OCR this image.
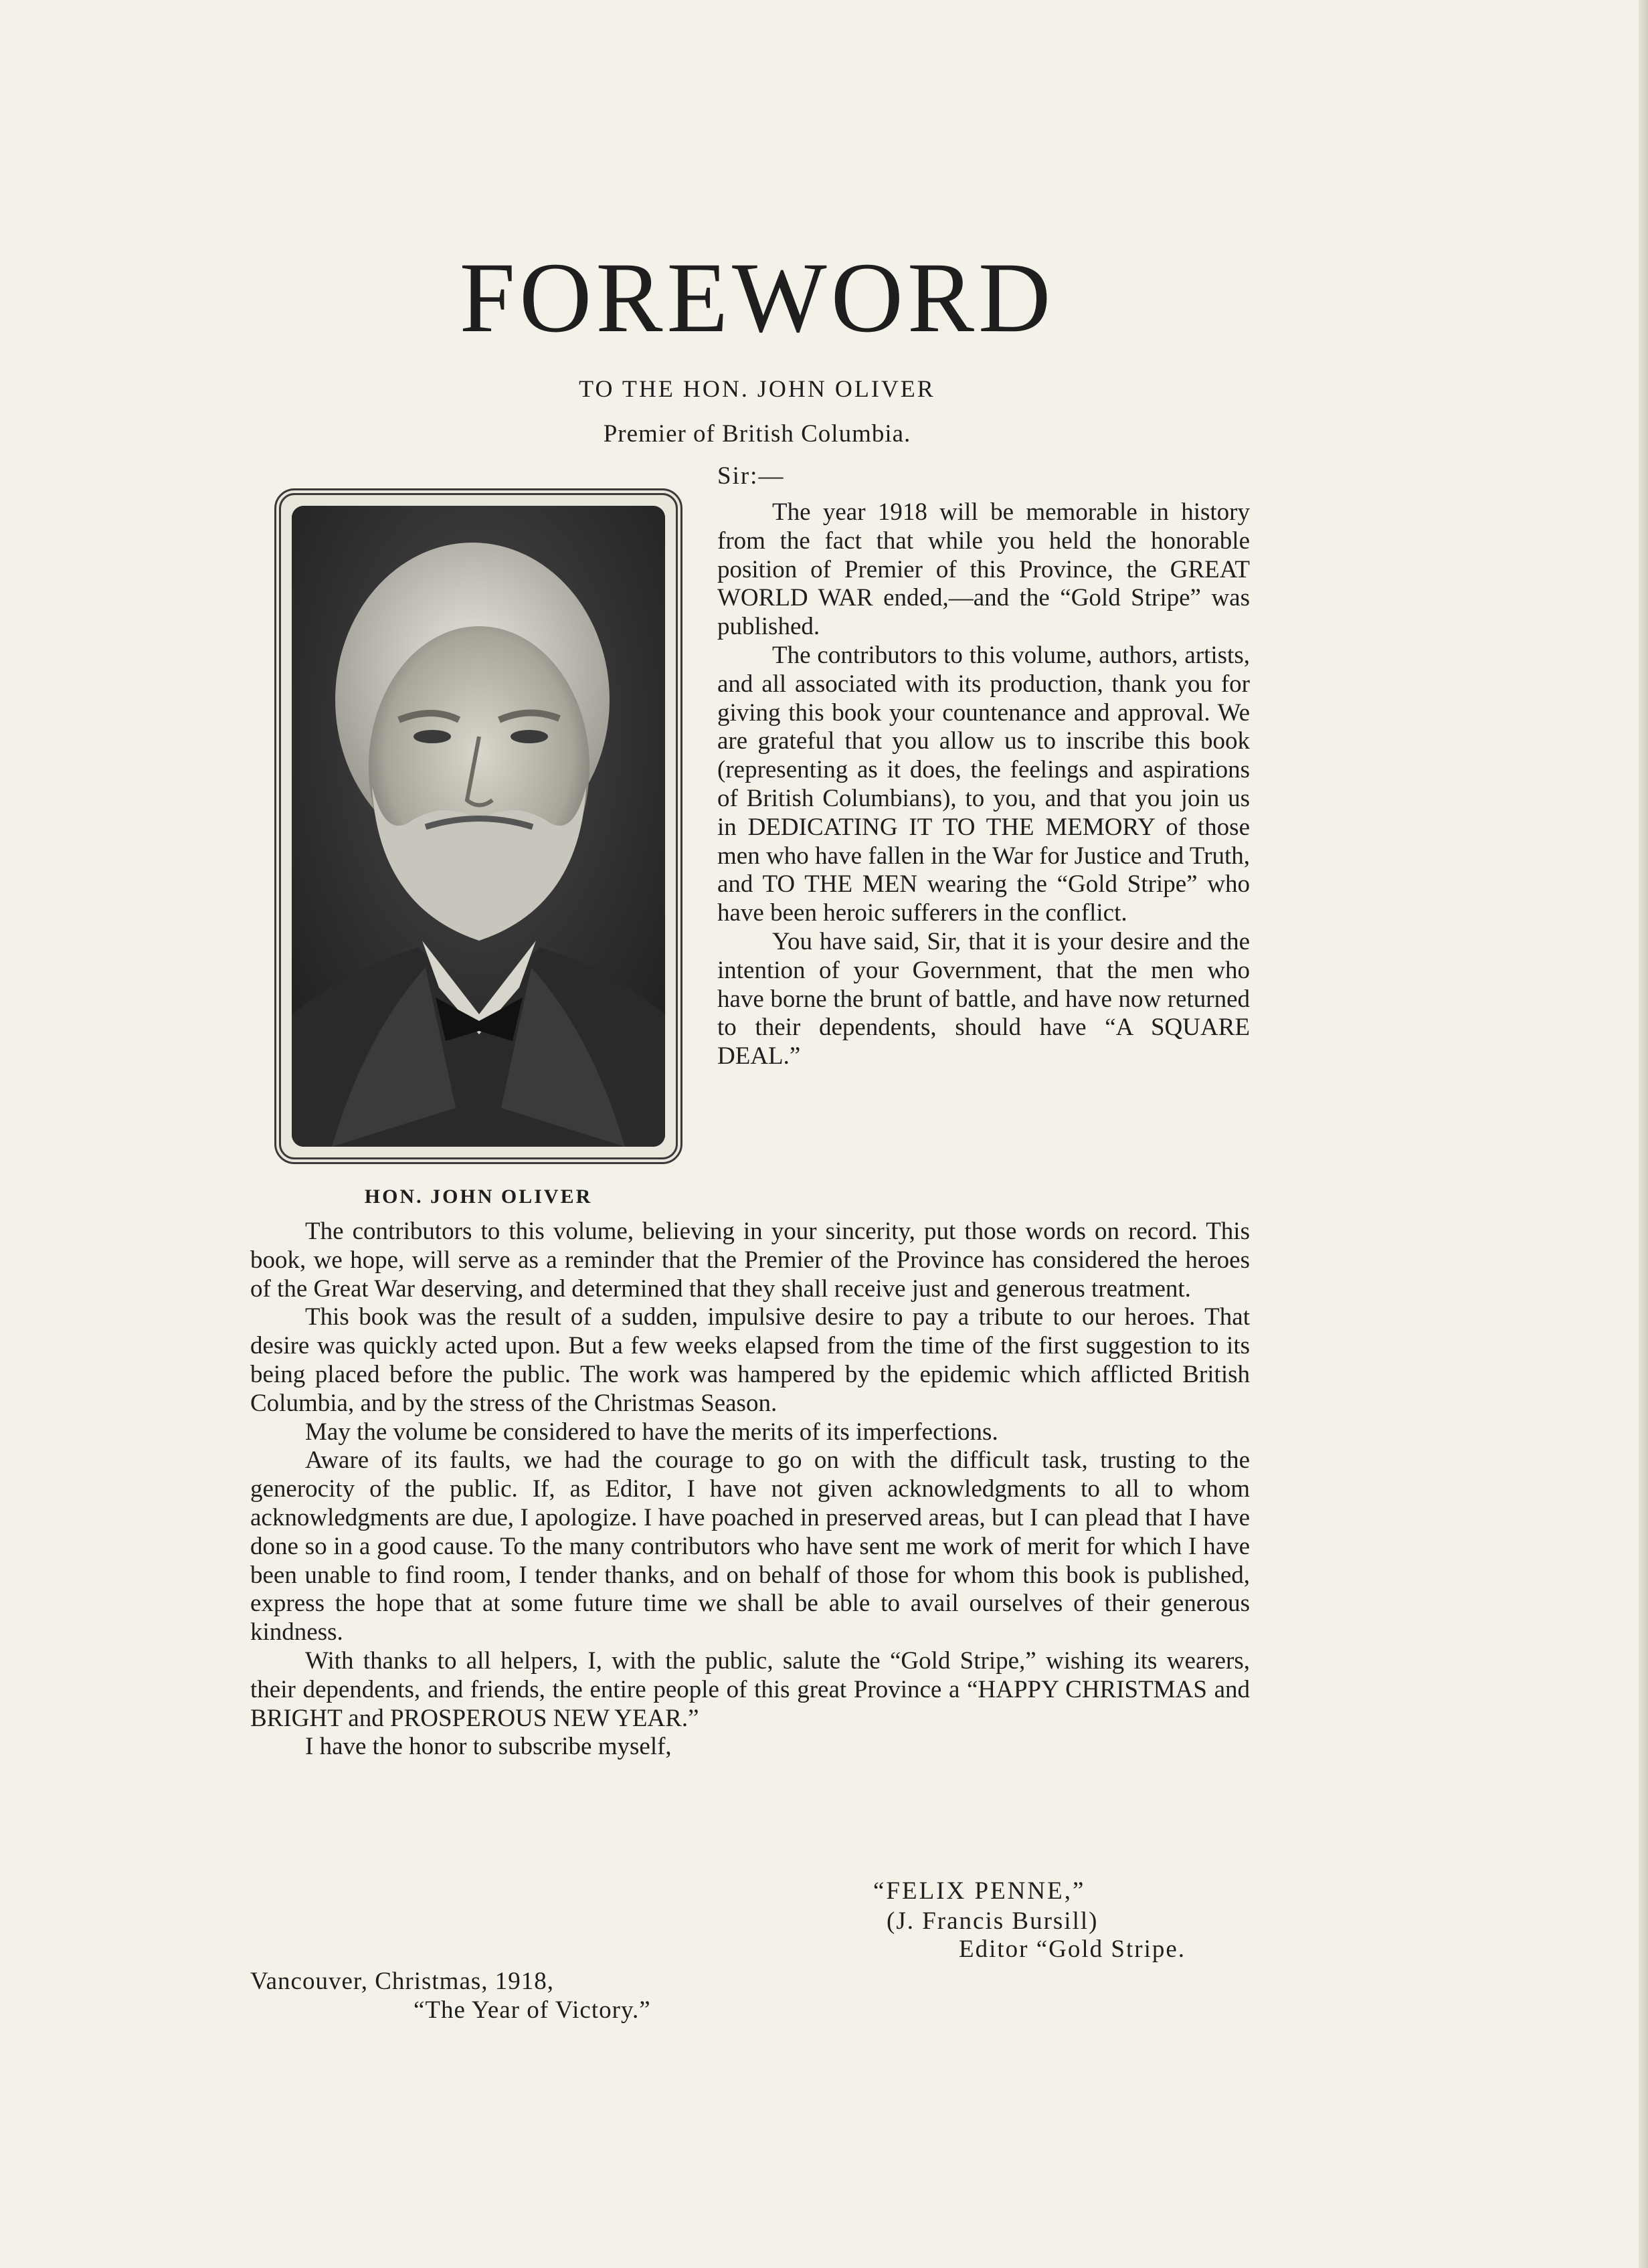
FOREWORD
TO THE HON. JOHN OLIVER
Premier of British Columbia.
Sir:—
HON. JOHN OLIVER

The year 1918 will be memorable in history from the fact that while you held the honorable position of Premier of this Province, the GREAT WORLD WAR ended,—and the “Gold Stripe” was published.

The contributors to this volume, authors, artists, and all associated with its production, thank you for giving this book your countenance and approval. We are grateful that you allow us to inscribe this book (representing as it does, the feelings and aspirations of British Columbians), to you, and that you join us in DEDICATING IT TO THE MEMORY of those men who have fallen in the War for Justice and Truth, and TO THE MEN wearing the “Gold Stripe” who have been heroic sufferers in the conflict.

You have said, Sir, that it is your desire and the intention of your Government, that the men who have borne the brunt of battle, and have now returned to their dependents, should have “A SQUARE DEAL.”

The contributors to this volume, believing in your sincerity, put those words on record. This book, we hope, will serve as a reminder that the Premier of the Province has considered the heroes of the Great War deserving, and determined that they shall receive just and generous treatment.

This book was the result of a sudden, impulsive desire to pay a tribute to our heroes. That desire was quickly acted upon. But a few weeks elapsed from the time of the first suggestion to its being placed before the public. The work was hampered by the epidemic which afflicted British Columbia, and by the stress of the Christmas Season.

May the volume be considered to have the merits of its imperfections.

Aware of its faults, we had the courage to go on with the difficult task, trusting to the generocity of the public. If, as Editor, I have not given acknowledgments to all to whom acknowledgments are due, I apologize. I have poached in preserved areas, but I can plead that I have done so in a good cause. To the many contributors who have sent me work of merit for which I have been unable to find room, I tender thanks, and on behalf of those for whom this book is published, express the hope that at some future time we shall be able to avail ourselves of their generous kindness.

With thanks to all helpers, I, with the public, salute the “Gold Stripe,” wishing its wearers, their dependents, and friends, the entire people of this great Province a “HAPPY CHRISTMAS and BRIGHT and PROSPEROUS NEW YEAR.”

I have the honor to subscribe myself,

“FELIX PENNE,”
(J. Francis Bursill)
Editor “Gold Stripe.
Vancouver, Christmas, 1918,
“The Year of Victory.”
